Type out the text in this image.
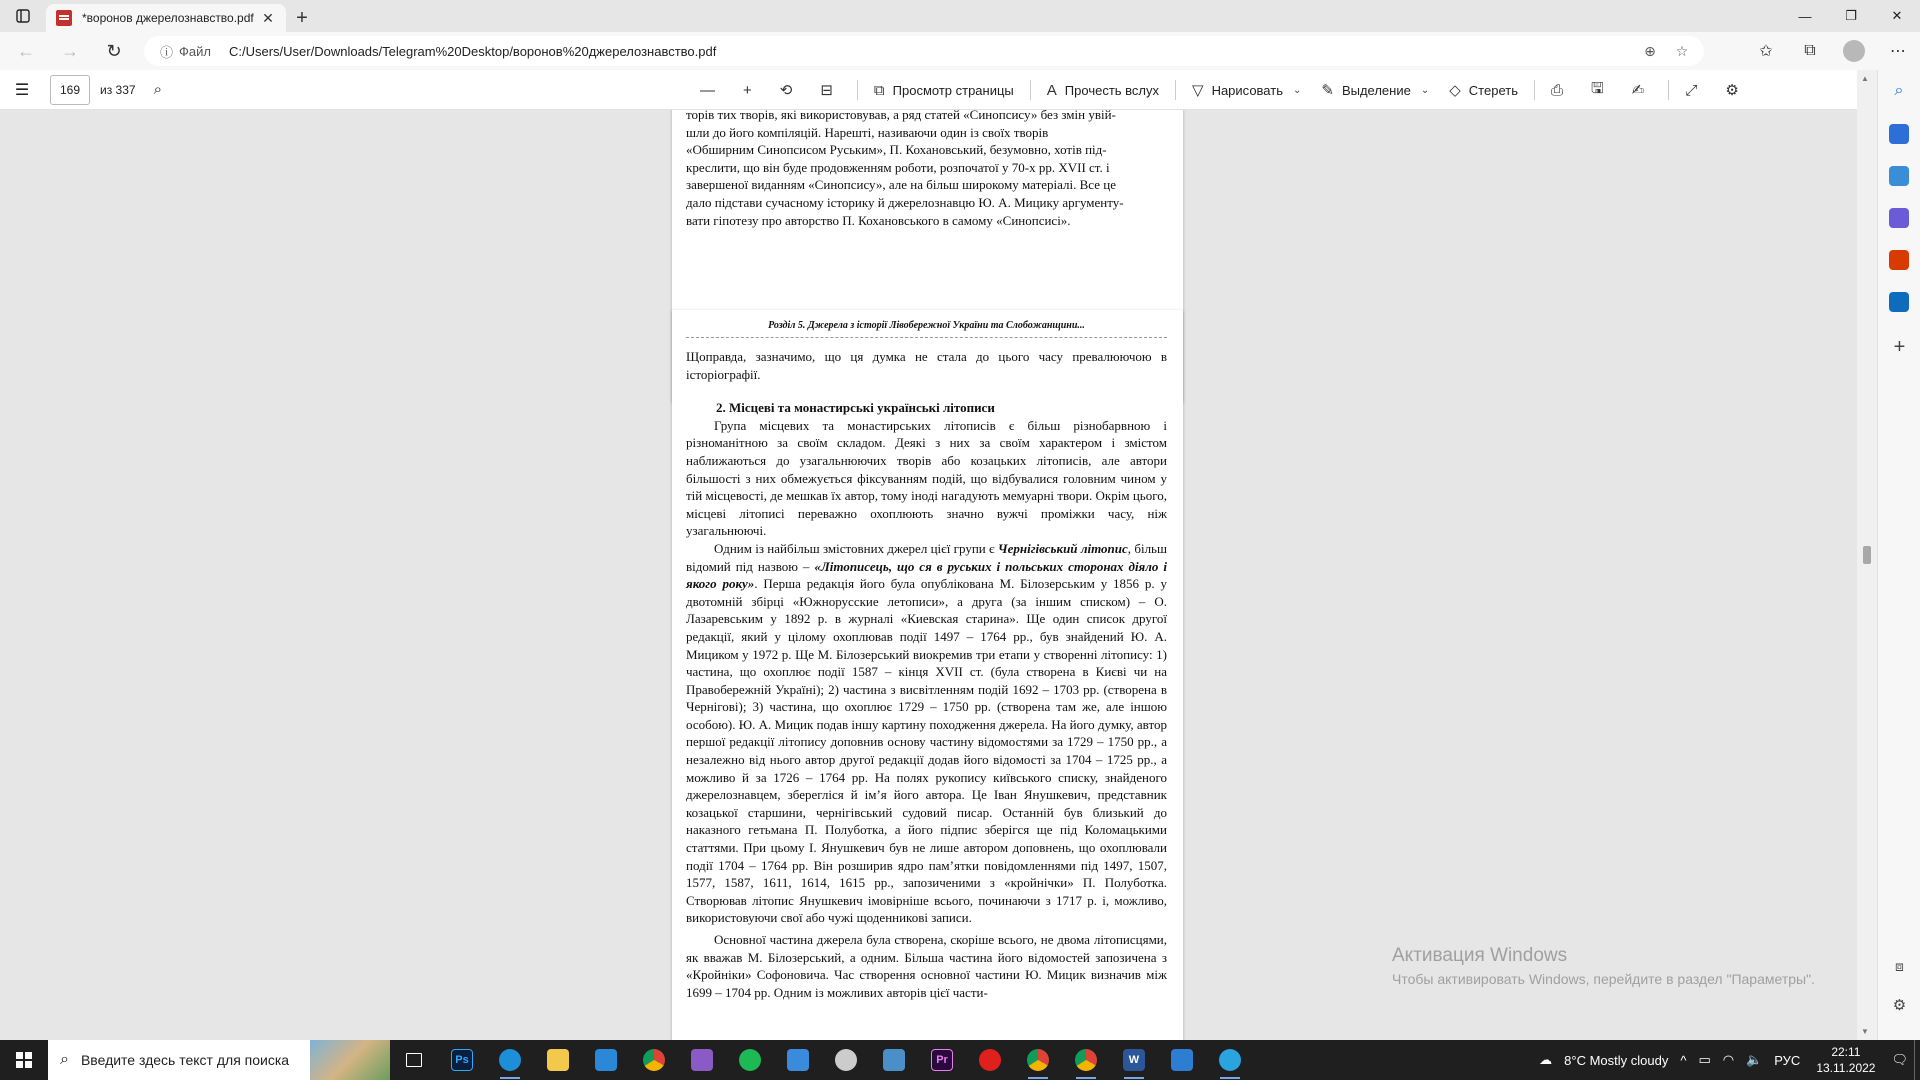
*воронов джерелознавство.pdf ✕	+	—	❐	✕
←	→	↻	ⓘ Файл C:/Users/User/Downloads/Telegram%20Desktop/воронов%20джерелознавство.pdf	⊕ ☆	✩	⧉	⋯
☰	169	из 337 ⌕	— + ⟲ ⊟	⧉ Просмотр страницы A Прочесть вслух ▽ Нарисовать ⌄ ✎ Выделение ⌄ ◇ Стереть ⎙ 🖫 ✍	⤢ ⚙
торів тих творів, які використовував, а ряд статей «Синопсису» без змін увій-
шли до його компіляцій. Нарешті, називаючи один із своїх творів
«Обширним Синопсисом Руським», П. Кохановський, безумовно, хотів під-
креслити, що він буде продовженням роботи, розпочатої у 70-х рр. XVII ст. і
завершеної виданням «Синопсису», але на більш широкому матеріалі. Все це
дало підстави сучасному історику й джерелознавцю Ю. А. Мицику аргументу-
вати гіпотезу про авторство П. Кохановського в самому «Синопсисі».
Розділ 5. Джерела з історії Лівобережної України та Слобожанщини...

Щоправда, зазначимо, що ця думка не стала до цього часу превалюючою в історіографії.

2. Місцеві та монастирські українські літописи

Група місцевих та монастирських літописів є більш різнобарвною і різноманітною за своїм складом. Деякі з них за своїм характером і змістом наближаються до узагальнюючих творів або козацьких літописів, але автори більшості з них обмежується фіксуванням подій, що відбувалися головним чином у тій місцевості, де мешкав їх автор, тому іноді нагадують мемуарні твори. Окрім цього, місцеві літописі переважно охоплюють значно вужчі проміжки часу, ніж узагальнюючі.

Одним із найбільш змістовних джерел цієї групи є Чернігівський літопис, більш відомий під назвою – «Літописець, що ся в руських і польських сторонах діяло і якого року». Перша редакція його була опублікована М. Білозерським у 1856 р. у двотомній збірці «Южнорусские летописи», а друга (за іншим списком) – О. Лазаревським у 1892 р. в журналі «Киевская старина». Ще один список другої редакції, який у цілому охоплював події 1497 – 1764 рр., був знайдений Ю. А. Мициком у 1972 р. Ще М. Білозерський виокремив три етапи у створенні літопису: 1) частина, що охоплює події 1587 – кінця XVII ст. (була створена в Києві чи на Правобережній Україні); 2) частина з висвітленням подій 1692 – 1703 рр. (створена в Чернігові); 3) частина, що охоплює 1729 – 1750 рр. (створена там же, але іншою особою). Ю. А. Мицик подав іншу картину походження джерела. На його думку, автор першої редакції літопису доповнив основу частину відомостями за 1729 – 1750 рр., а незалежно від нього автор другої редакції додав його відомості за 1704 – 1725 рр., а можливо й за 1726 – 1764 рр. На полях рукопису київського списку, знайденого джерелознавцем, зберегліся й ім’я його автора. Це Іван Янушкевич, представник козацької старшини, чернігівський судовий писар. Останній був близький до наказного гетьмана П. Полуботка, а його підпис зберігся ще під Коломацькими статтями. При цьому І. Янушкевич був не лише автором доповнень, що охоплювали події 1704 – 1764 рр. Він розширив ядро пам’ятки повідомленнями під 1497, 1507, 1577, 1587, 1611, 1614, 1615 рр., запозиченими з «кройнічки» П. Полуботка. Створював літопис Янушкевич імовірніше всього, починаючи з 1717 р. і, можливо, використовуючи свої або чужі щоденникові записи.

Основної частина джерела була створена, скоріше всього, не двома літописцями, як вважав М. Білозерський, а одним. Більша частина його відомостей запозичена з «Кройніки» Софоновича. Час створення основної частини Ю. Мицик визначив між 1699 – 1704 рр. Одним із можливих авторів цієї части-

▲
▼
⌕
+
⧈
⚙
Активация Windows
Чтобы активировать Windows, перейдите в раздел "Параметры".
⌕ Введите здесь текст для поиска	Ps	Pr	W	☁ 8°C Mostly cloudy ^ ▭ ◠ 🔈 РУС
22:11
13.11.2022
🗨
